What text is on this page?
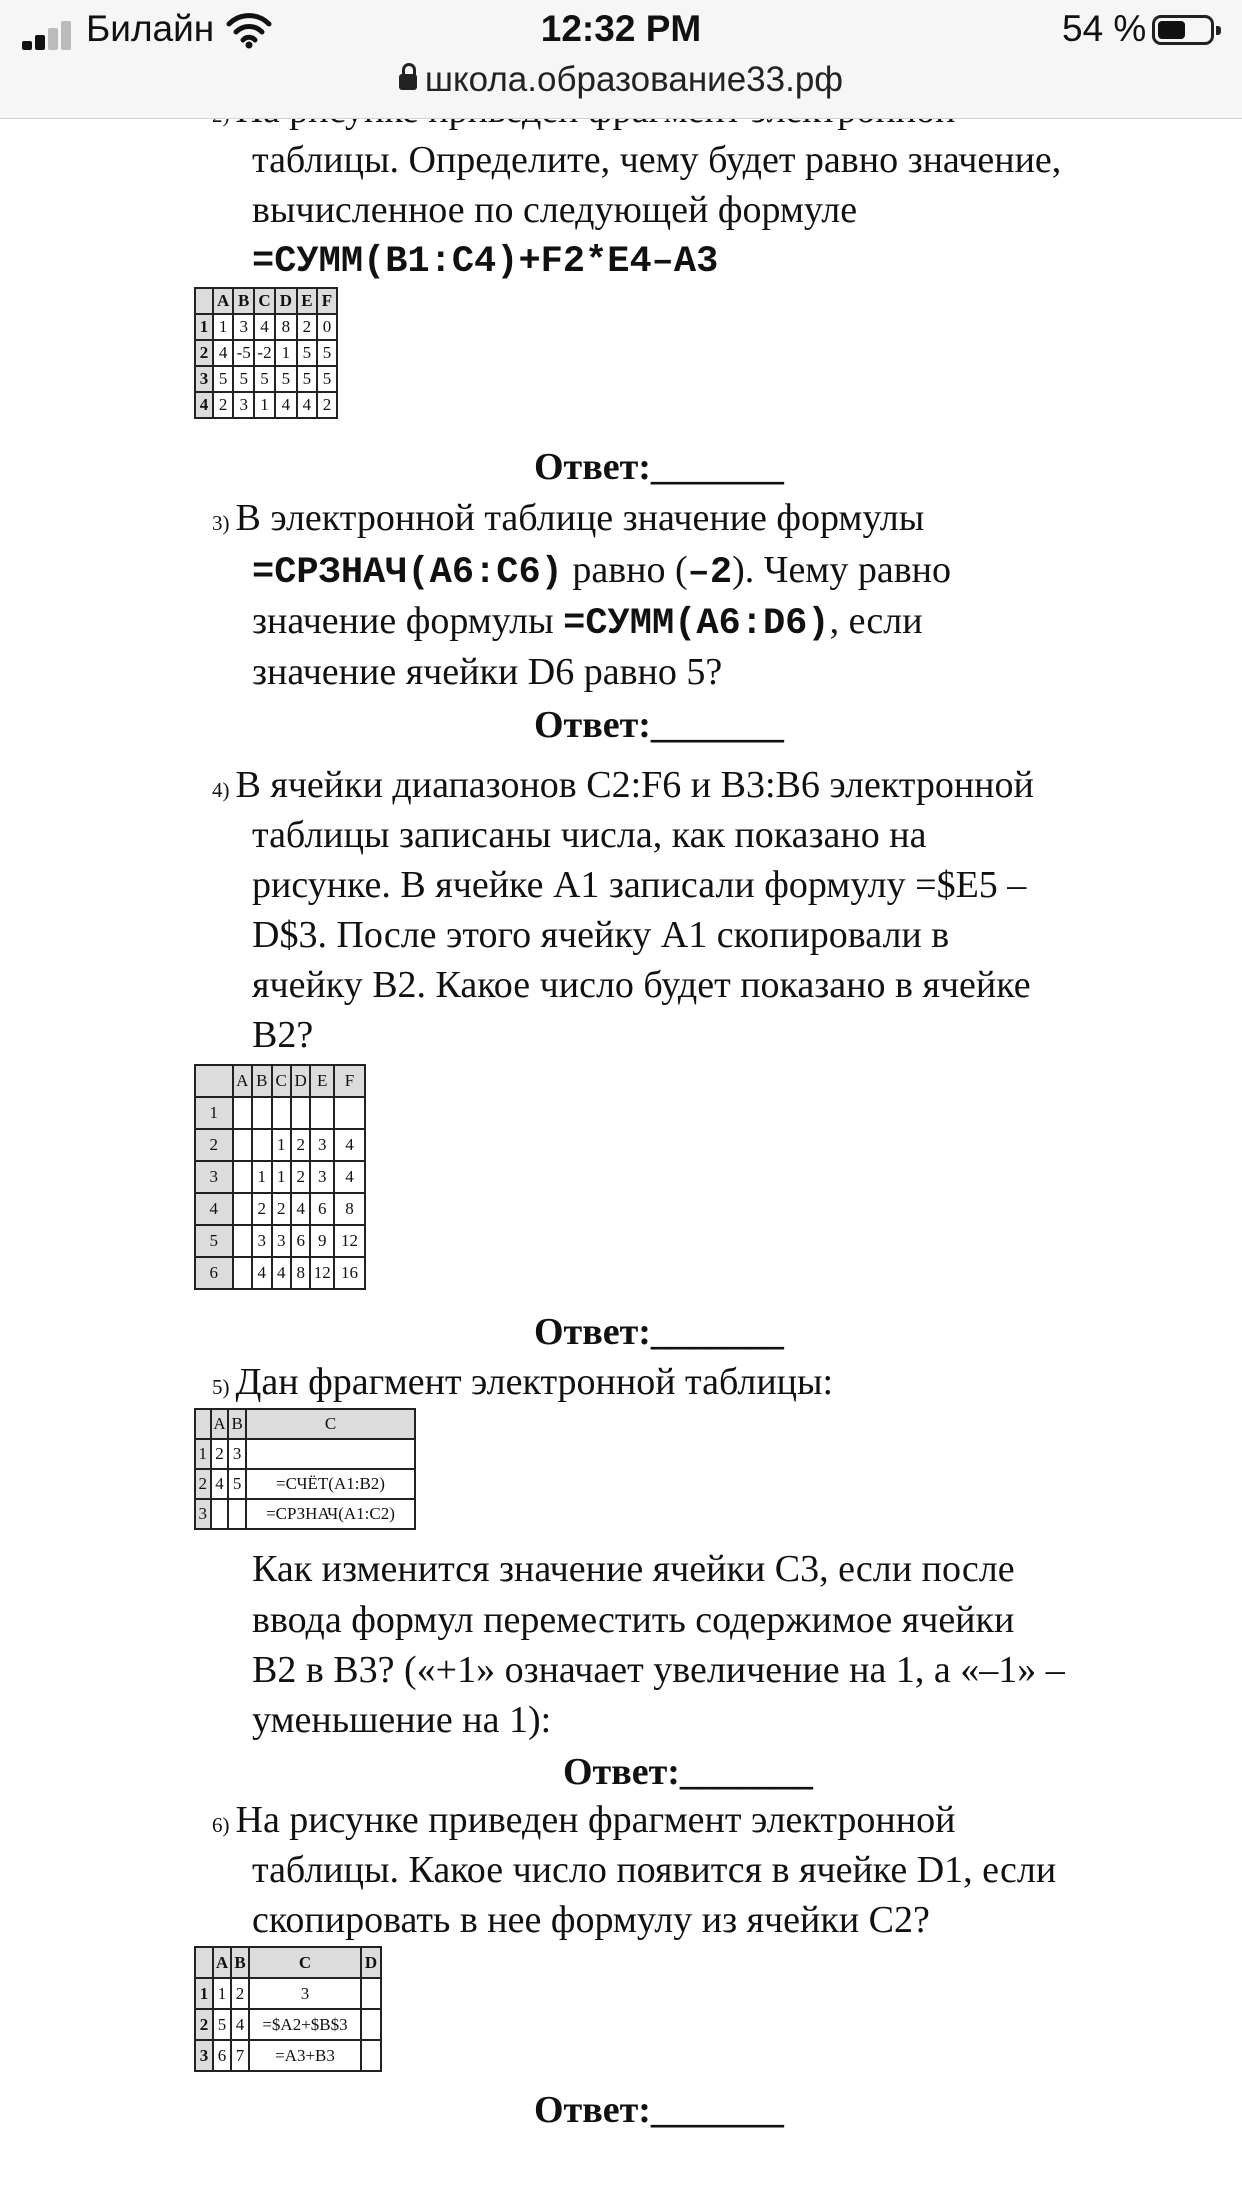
Билайн	12:32 PM	54 %
школа.образование33.рф
таблицы. Определите, чему будет равно значение,
вычисленное по следующей формуле
=СУММ(B1:C4)+F2*E4–A3
	A	B	C	D	E	F
1	1	3	4	8	2	0
2	4	-5	-2	1	5	5
3	5	5	5	5	5	5
4	2	3	1	4	4	2
Ответ:_______
3) В электронной таблице значение формулы
=СРЗНАЧ(A6:C6) равно (–2). Чему равно
значение формулы =СУММ(A6:D6), если
значение ячейки D6 равно 5?
Ответ:_______
4) В ячейки диапазонов C2:F6 и B3:B6 электронной
таблицы записаны числа, как показано на
рисунке. В ячейке A1 записали формулу =$E5 –
D$3. После этого ячейку A1 скопировали в
ячейку B2. Какое число будет показано в ячейке
B2?
	A	B	C	D	E	F
1						
2			1	2	3	4
3		1	1	2	3	4
4		2	2	4	6	8
5		3	3	6	9	12
6		4	4	8	12	16
Ответ:_______
5) Дан фрагмент электронной таблицы:
	A	B	C
1	2	3	
2	4	5	=СЧЁТ(A1:B2)
3			=СРЗНАЧ(A1:C2)
Как изменится значение ячейки C3, если после
ввода формул переместить содержимое ячейки
B2 в B3? («+1» означает увеличение на 1, а «–1» –
уменьшение на 1):
Ответ:_______
6) На рисунке приведен фрагмент электронной
таблицы. Какое число появится в ячейке D1, если
скопировать в нее формулу из ячейки C2?
	A	B	C	D
1	1	2	3	
2	5	4	=$A2+$B$3	
3	6	7	=A3+B3	
Ответ:_______
